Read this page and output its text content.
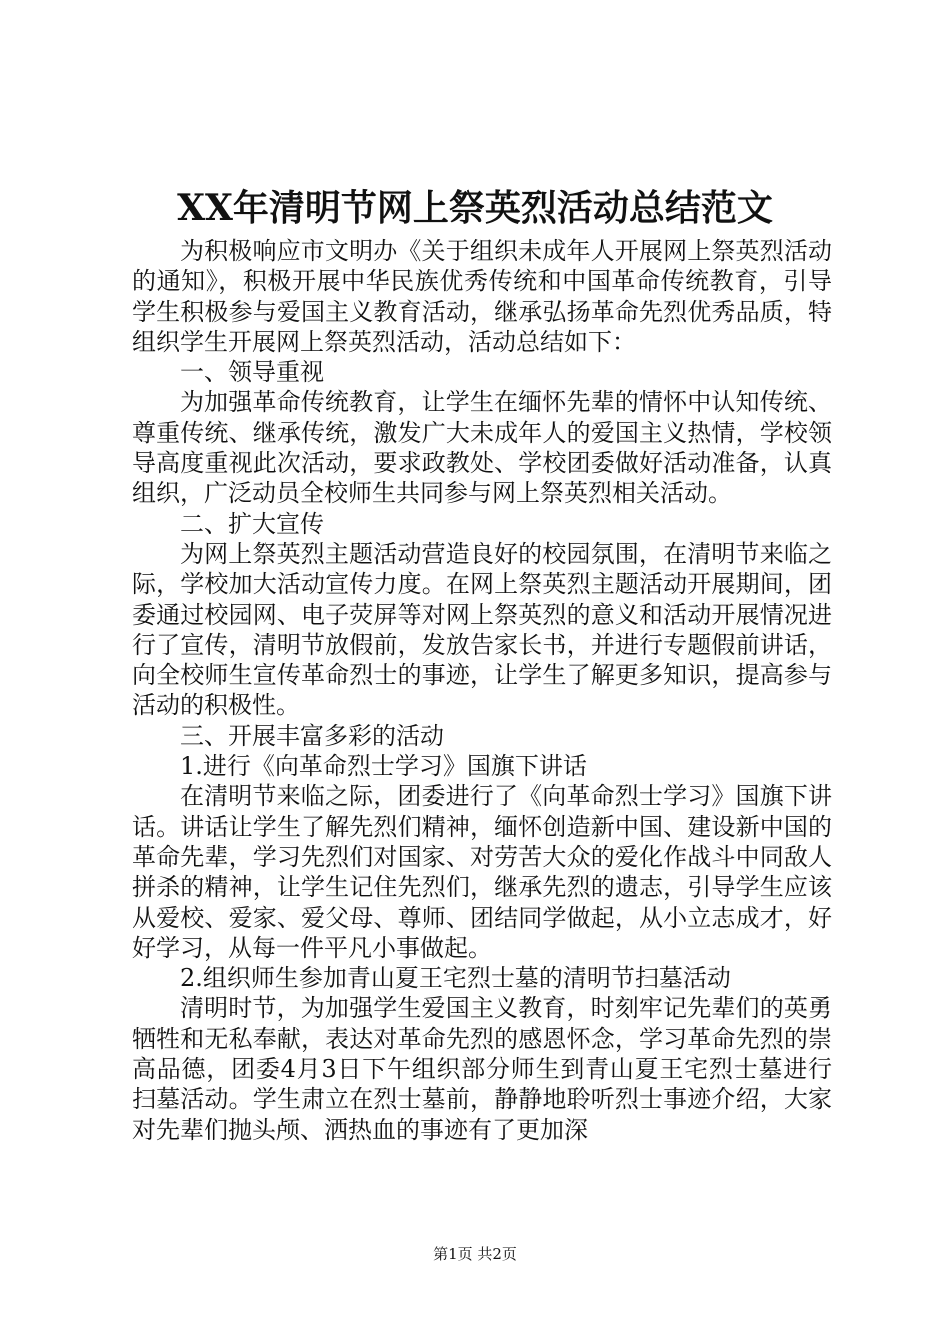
XX年清明节网上祭英烈活动总结范文

为积极响应市文明办《关于组织未成年人开展网上祭英烈活动的通知》，积极开展中华民族优秀传统和中国革命传统教育，引导学生积极参与爱国主义教育活动，继承弘扬革命先烈优秀品质，特组织学生开展网上祭英烈活动，活动总结如下：

一、领导重视

为加强革命传统教育，让学生在缅怀先辈的情怀中认知传统、尊重传统、继承传统，激发广大未成年人的爱国主义热情，学校领导高度重视此次活动，要求政教处、学校团委做好活动准备，认真组织，广泛动员全校师生共同参与网上祭英烈相关活动。

二、扩大宣传

为网上祭英烈主题活动营造良好的校园氛围，在清明节来临之际，学校加大活动宣传力度。在网上祭英烈主题活动开展期间，团委通过校园网、电子荧屏等对网上祭英烈的意义和活动开展情况进行了宣传，清明节放假前，发放告家长书，并进行专题假前讲话，向全校师生宣传革命烈士的事迹，让学生了解更多知识，提高参与活动的积极性。

三、开展丰富多彩的活动

1.进行《向革命烈士学习》国旗下讲话

在清明节来临之际，团委进行了《向革命烈士学习》国旗下讲话。讲话让学生了解先烈们精神，缅怀创造新中国、建设新中国的革命先辈，学习先烈们对国家、对劳苦大众的爱化作战斗中同敌人拼杀的精神，让学生记住先烈们，继承先烈的遗志，引导学生应该从爱校、爱家、爱父母、尊师、团结同学做起，从小立志成才，好好学习，从每一件平凡小事做起。

2.组织师生参加青山夏王宅烈士墓的清明节扫墓活动

清明时节，为加强学生爱国主义教育，时刻牢记先辈们的英勇牺牲和无私奉献，表达对革命先烈的感恩怀念，学习革命先烈的崇高品德，团委4月3日下午组织部分师生到青山夏王宅烈士墓进行扫墓活动。学生肃立在烈士墓前，静静地聆听烈士事迹介绍，大家对先辈们抛头颅、洒热血的事迹有了更加深

第1页 共2页
